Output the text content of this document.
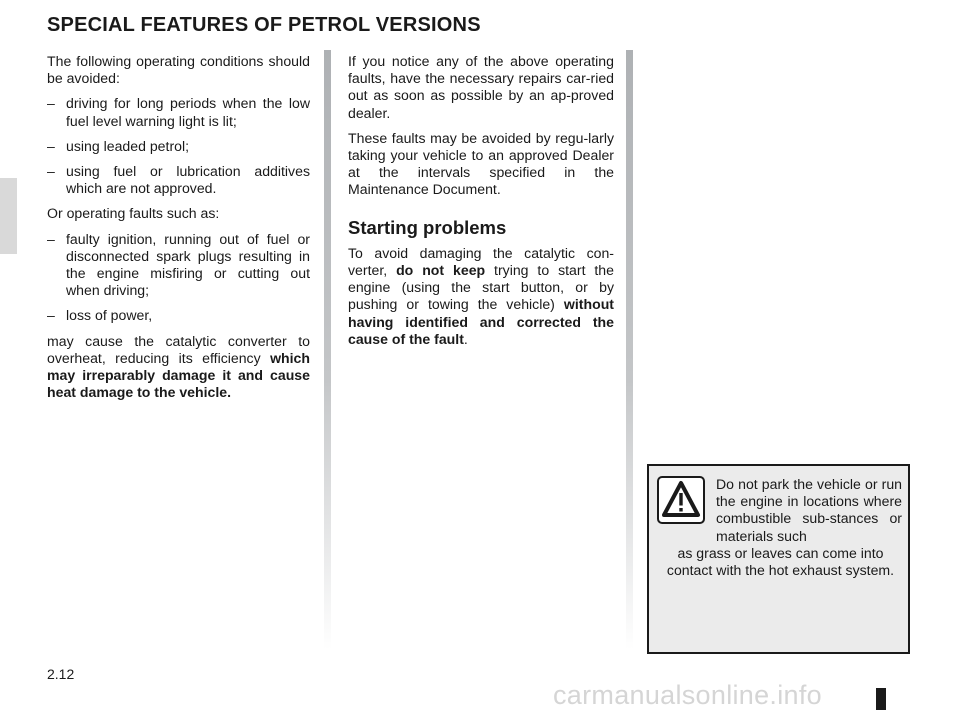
SPECIAL FEATURES OF PETROL VERSIONS

The following operating conditions should be avoided:

– driving for long periods when the low fuel level warning light is lit;

– using leaded petrol;

– using fuel or lubrication additives which are not approved.

Or operating faults such as:

– faulty ignition, running out of fuel or disconnected spark plugs resulting in the engine misfiring or cutting out when driving;

– loss of power,

may cause the catalytic converter to overheat, reducing its efficiency which may irreparably damage it and cause heat damage to the vehicle.

If you notice any of the above operating faults, have the necessary repairs car-ried out as soon as possible by an ap-proved dealer.

These faults may be avoided by regu-larly taking your vehicle to an approved Dealer at the intervals specified in the Maintenance Document.

Starting problems

To avoid damaging the catalytic con-verter, do not keep trying to start the engine (using the start button, or by pushing or towing the vehicle) without having identified and corrected the cause of the fault.

Do not park the vehicle or run the engine in locations where combustible sub-stances or materials such
as grass or leaves can come into contact with the hot exhaust system.
2.12
carmanualsonline.info
